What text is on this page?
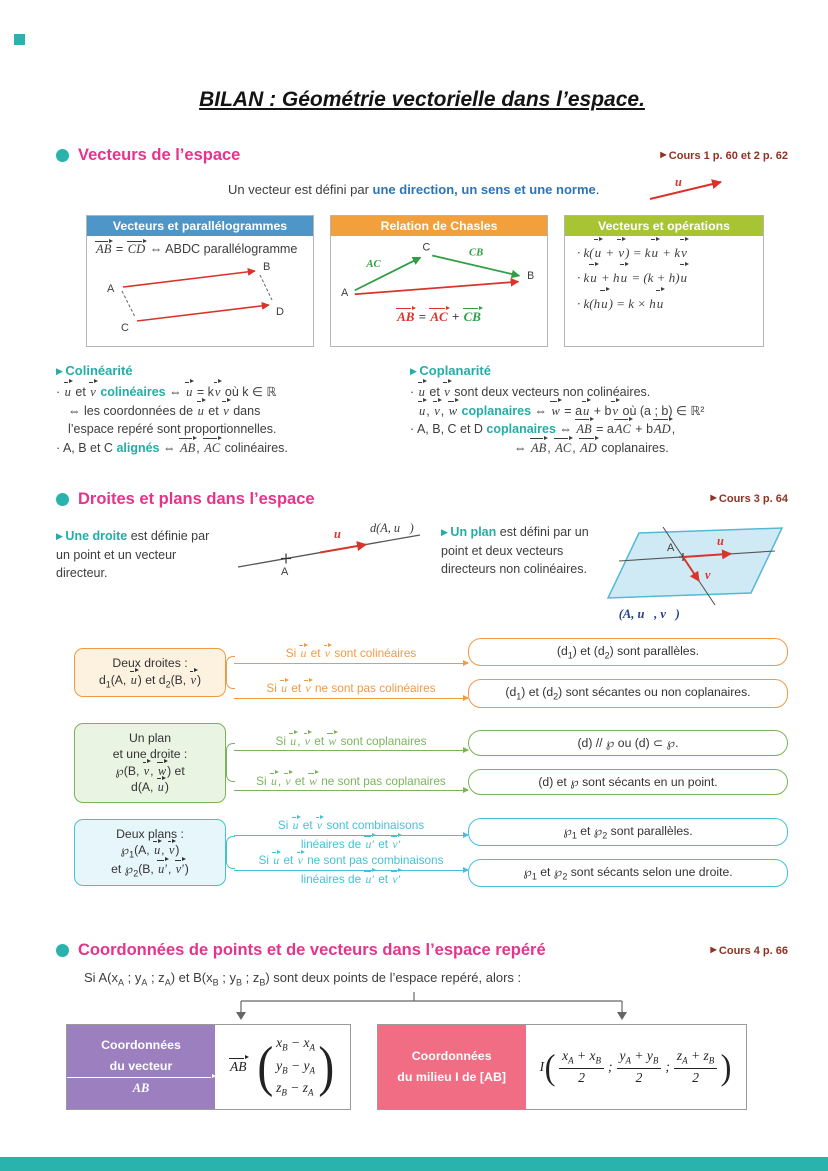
BILAN : Géométrie vectorielle dans l’espace.
Vecteurs de l’espace	▶ Cours 1 p. 60 et 2 p. 62

Un vecteur est défini par une direction, un sens et une norme.	u⃗
Vecteurs et parallélogrammes

AB = CD ⇔ ABDC parallélogramme

A
B
C
D
Relation de Chasles
A
C
B
AC⃗
CB⃗

AB = AC + CB

Vecteurs et opérations

· k(u + v) = ku + kv

· ku + hu = (k + h)u

· k(hu) = k × hu

▶ Colinéarité

· u et v colinéaires ⇔ u = kv où k ∈ ℝ

⇔ les coordonnées de u et v dans

l’espace repéré sont proportionnelles.

· A, B et C alignés ⇔ AB, AC colinéaires.

▶ Coplanarité

· u et v sont deux vecteurs non colinéaires.

u, v, w coplanaires ⇔ w = au + bv où (a ; b) ∈ ℝ²

· A, B, C et D coplanaires ⇔ AB = aAC + bAD,

⇔ AB, AC, AD coplanaires.

Droites et plans dans l’espace	▶ Cours 3 p. 64

▶ Une droite est définie par un point et un vecteur directeur.	A
u⃗ d(A, u⃗)	▶ Un plan est défini par un point et deux vecteurs directeurs non colinéaires.

A	u⃗
v⃗
℘(A, u⃗, v⃗)
Deux droites :
$d_1(A$, u) et $d_2(B$, v)
Si u et v sont colinéaires
Si u et v ne sont pas colinéaires
$(d_1)$ et $(d_2)$ sont parallèles.
$(d_1)$ et $(d_2)$ sont sécantes ou non coplanaires.
Un plan
et une droite :
℘(B, v, w) et
d(A, u)
Si u, v et w sont coplanaires
Si u, v et w ne sont pas coplanaires
(d) // ℘ ou (d) ⊂ ℘.
(d) et ℘ sont sécants en un point.
Deux plans :
$℘_1(A$, u, v)
et $℘_2(B$, u′, v′)
Si u et v sont combinaisons
linéaires de u′ et v′
Si u et v ne sont pas combinaisons
linéaires de u′ et v′
$℘_1$ et $℘_2$ sont parallèles.
$℘_1$ et $℘_2$ sont sécants selon une droite.
Coordonnées de points et de vecteurs dans l’espace repéré	▶ Cours 4 p. 66

Si $A(x_A$ ; $y_A$ ; $z_A$) et $B(x_B$ ; $y_B$ ; $z_B$) sont deux points de l’espace repéré, alors :

Coordonnées
du vecteur
AB
AB ( $x_B - x_A$
$y_B - y_A$
$z_B - z_A$ )	Coordonnées
du milieu I de [AB]
I ( $\frac{x_A + x_B}{2}$ ; $\frac{y_A + y_B}{2}$ ; $\frac{z_A + z_B}{2}$ )
